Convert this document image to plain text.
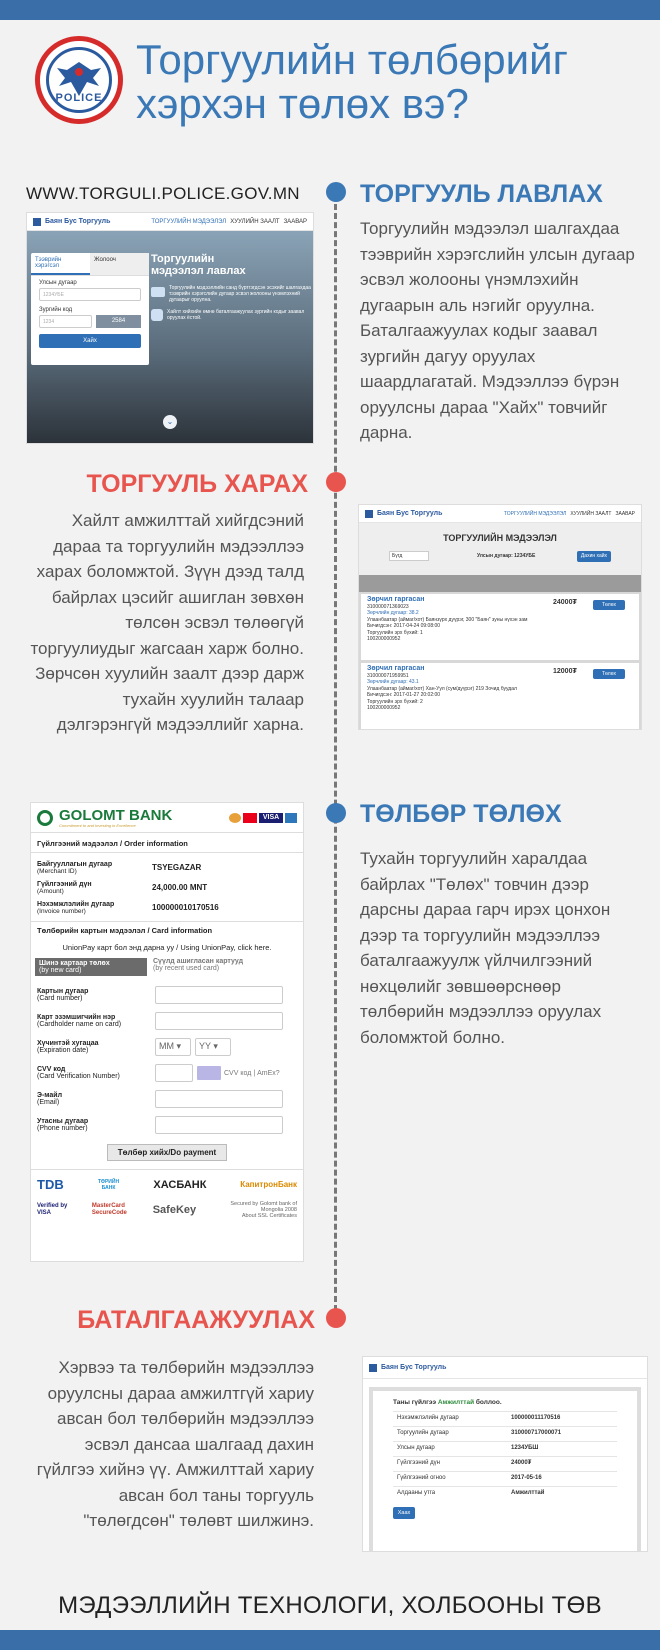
POLICE
Торгуулийн төлбөрийг
хэрхэн төлөх вэ?
WWW.TORGULI.POLICE.GOV.MN ТОРГУУЛЬ ЛАВЛАХ
Торгуулийн мэдээлэл шалгахдаа тээврийн хэрэгслийн улсын дугаар эсвэл жолооны үнэмлэхийн дугаарын аль нэгийг оруулна. Баталгаажуулах кодыг заавал зургийн дагуу оруулах шаардлагатай. Мэдээллээ бүрэн оруулсны дараа "Хайх" товчийг дарна.
Баян Бус Торгууль	ТОРГУУЛИЙН МЭДЭЭЛЭЛ ХУУЛИЙН ЗААЛТ ЗААВАР
Тээврийн хэрэгсэл
Жолооч
Улсын дугаар
1234УБЕ
Зургийн код
1234	2584
Хайх
Торгуулийн мэдээлэл лавлах
Торгуулийн мэдээллийн санд бүртгэгдсэн эсэхийг шалгахдаа тээврийн хэрэгслийн дугаар эсвэл жолооны үнэмлэхний дугаарыг оруулна.
Хайлт хийхийн өмнө баталгаажуулах зургийн кодыг заавал оруулах ёстой.
⌄
ТОРГУУЛЬ ХАРАХ
Хайлт амжилттай хийгдсэний дараа та торгуулийн мэдээллээ харах боломжтой. Зүүн дээд талд байрлах цэсийг ашиглан зөвхөн төлсөн эсвэл төлөөгүй торгуулиудыг жагсаан харж болно. Зөрчсөн хуулийн заалт дээр дарж тухайн хуулийн талаар дэлгэрэнгүй мэдээллийг харна.
Баян Бус Торгууль	ТОРГУУЛИЙН МЭДЭЭЛЭЛ ХУУЛИЙН ЗААЛТ ЗААВАР
ТОРГУУЛИЙН МЭДЭЭЛЭЛ
Бүгд	Улсын дугаар: 1234УБЕ	Дахин хайх
Зөрчил гаргасан
310000071369023
Зөрчлийн дугаар: 38.2
Улаанбаатар (аймаг/хот) Баянзүрх дүүрэг, 300 "Баян" зуны нүхэн зам
Бичигдсэн: 2017-04-24 09:08:00
Торгуулийн эрх бүхий: 1
100200000952
24000₮	Төлөх
Зөрчил гаргасан
310000071959951
Зөрчлийн дугаар: 43.1
Улаанбаатар (аймаг/хот) Хан-Уул (сум/дүүрэг) 219 Зочид буудал
Бичигдсэн: 2017-01-27 20:02:00
Торгуулийн эрх бүхий: 2
100200000952
12000₮	Төлөх
ТӨЛБӨР ТӨЛӨХ
Тухайн торгуулийн харалдаа байрлах "Төлөх" товчин дээр дарсны дараа гарч ирэх цонхон дээр та торгуулийн мэдээллээ баталгаажуулж үйлчилгээний нөхцөлийг зөвшөөрснөөр төлбөрийн мэдээллээ оруулах боломжтой болно.
GOLOMT BANK
Commitment to and Investing in Excellence
VISA
Гүйлгээний мэдээлэл / Order information
Байгууллагын дугаар
(Merchant ID)	TSYEGAZAR
Гүйлгээний дүн
(Amount)	24,000.00 MNT
Нэхэмжлэлийн дугаар
(Invoice number)	100000010170516
Төлбөрийн картын мэдээлэл / Card information
UnionPay карт бол энд дарна уу / Using UnionPay, click here.
Шинэ картаар төлөх
(by new card)
Сүүлд ашигласан картууд
(by recent used card)
Картын дугаар
(Card number)
Карт эзэмшигчийн нэр
(Cardholder name on card)
Хүчинтэй хугацаа
(Expiration date)	MM ▾	YY ▾
CVV код
(Card Verification Number)	CVV код | AmEx?
Э-майл
(Email)
Утасны дугаар
(Phone number)
Төлбөр хийх/Do payment
TDB	ТӨРИЙН БАНК	ХАСБАНК	КапитронБанк
Verified by VISA
MasterCard SecureCode	SafeKey	Secured by Golomt bank of Mongolia 2008
About SSL Certificates
БАТАЛГААЖУУЛАХ
Хэрвээ та төлбөрийн мэдээллээ оруулсны дараа амжилтгүй хариу авсан бол төлбөрийн мэдээллээ эсвэл дансаа шалгаад дахин гүйлгээ хийнэ үү. Амжилттай хариу авсан бол таны торгууль "төлөгдсөн" төлөвт шилжинэ.
Баян Бус Торгууль
Таны гүйлгээ Амжилттай боллоо.
Нэхэмжлэлийн дугаар	100000011170516
Торгуулийн дугаар	310000717000071
Улсын дугаар	1234УБШ
Гүйлгээний дүн	24000₮
Гүйлгээний огноо	2017-05-16
Алдааны утга	Амжилттай
Хаах
МЭДЭЭЛЛИЙН ТЕХНОЛОГИ, ХОЛБООНЫ ТӨВ
